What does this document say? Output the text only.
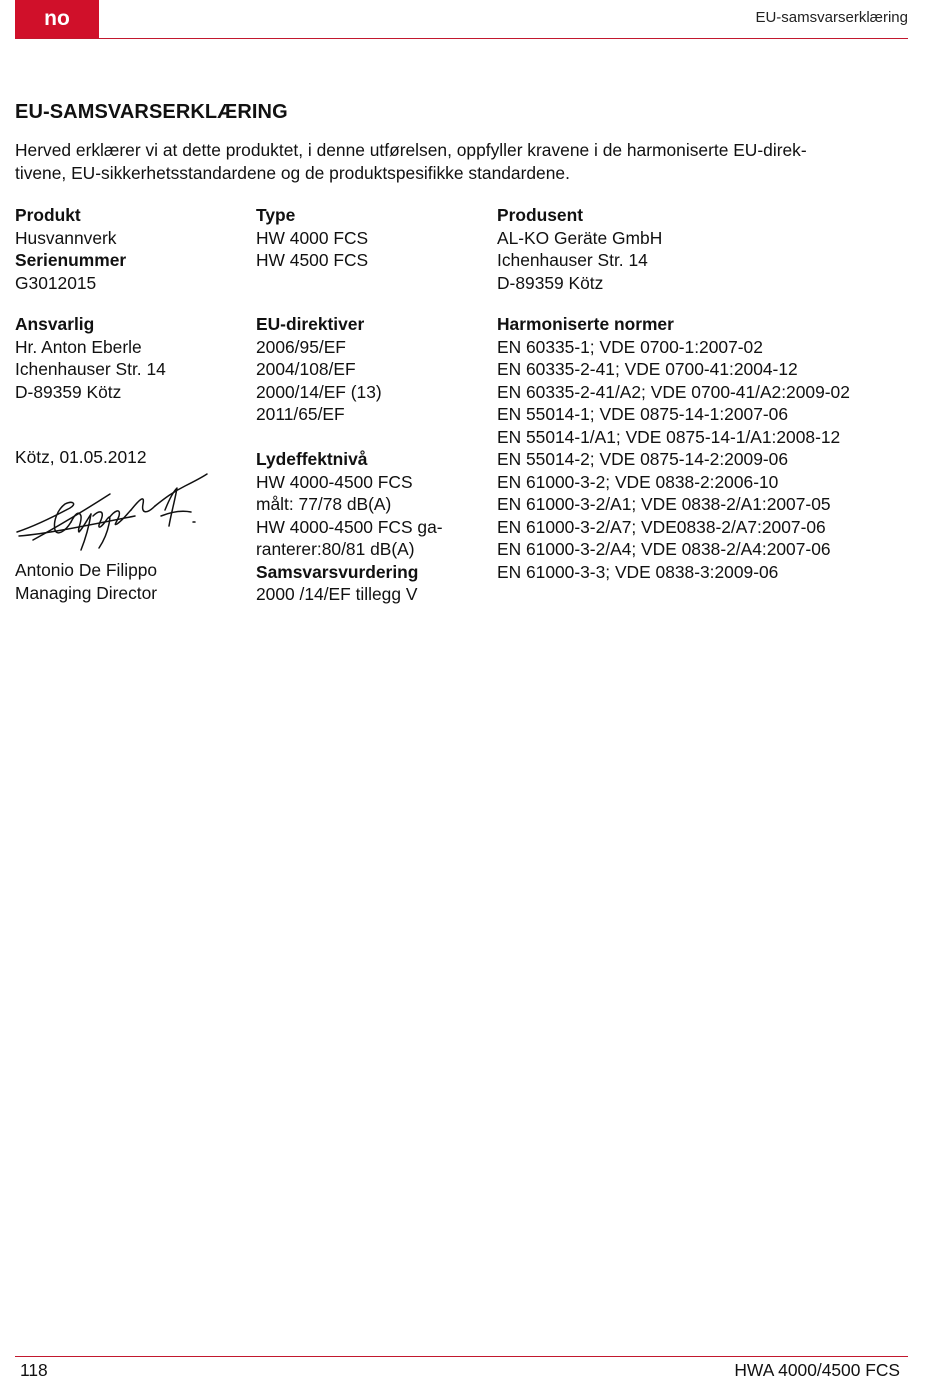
no	EU-samsvarserklæring
EU-SAMSVARSERKLÆRING
Herved erklærer vi at dette produktet, i denne utførelsen, oppfyller kravene i de harmoniserte EU-direk-
tivene, EU-sikkerhetsstandardene og de produktspesifikke standardene.
Produkt
Husvannverk
Serienummer
G3012015
Type
HW 4000 FCS
HW 4500 FCS
Produsent
AL-KO Geräte GmbH
Ichenhauser Str. 14
D-89359 Kötz
Ansvarlig
Hr. Anton Eberle
Ichenhauser Str. 14
D-89359 Kötz
EU-direktiver
2006/95/EF
2004/108/EF
2000/14/EF (13)
2011/65/EF
Lydeffektnivå
HW 4000-4500 FCS
målt: 77/78 dB(A)
HW 4000-4500 FCS ga-
ranterer:80/81 dB(A)
Samsvarsvurdering
2000 /14/EF tillegg V
Harmoniserte normer
EN 60335-1; VDE 0700-1:2007-02
EN 60335-2-41; VDE 0700-41:2004-12
EN 60335-2-41/A2; VDE 0700-41/A2:2009-02
EN 55014-1; VDE 0875-14-1:2007-06
EN 55014-1/A1; VDE 0875-14-1/A1:2008-12
EN 55014-2; VDE 0875-14-2:2009-06
EN 61000-3-2; VDE 0838-2:2006-10
EN 61000-3-2/A1; VDE 0838-2/A1:2007-05
EN 61000-3-2/A7; VDE0838-2/A7:2007-06
EN 61000-3-2/A4; VDE 0838-2/A4:2007-06
EN 61000-3-3; VDE 0838-3:2009-06
Kötz, 01.05.2012
Antonio De Filippo
Managing Director
118	HWA 4000/4500 FCS
